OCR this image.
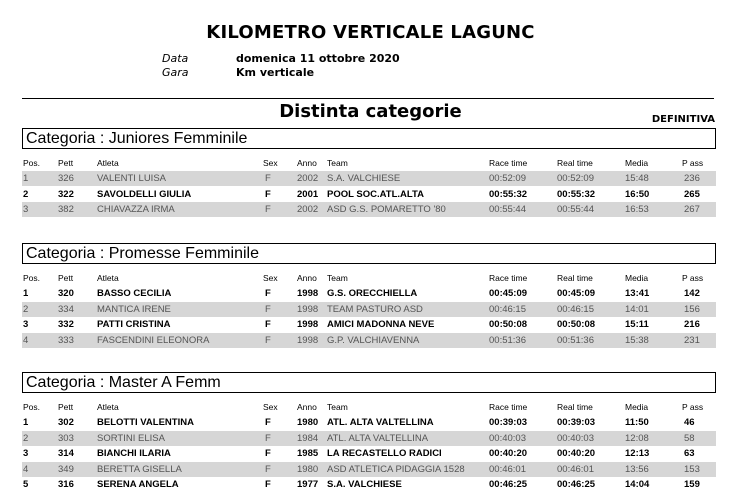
KILOMETRO VERTICALE LAGUNC
Data	domenica 11 ottobre 2020
Gara	Km verticale
Distinta categorie	DEFINITIVA
Categoria : Juniores Femminile
Pos.	Pett	Atleta	Sex Anno	Team	Race time	Real time	Media	P ass
1	326	VALENTI LUISA	F	2002 S.A. VALCHIESE	00:52:09	00:52:09	15:48	236
2	322	SAVOLDELLI GIULIA	F	2001 POOL SOC.ATL.ALTA	00:55:32	00:55:32	16:50	265
3	382	CHIAVAZZA IRMA	F	2002 ASD G.S. POMARETTO '80	00:55:44	00:55:44	16:53	267
Categoria : Promesse Femminile
Pos.	Pett	Atleta	Sex Anno	Team	Race time	Real time	Media	P ass
1	320	BASSO CECILIA	F	1998 G.S. ORECCHIELLA	00:45:09	00:45:09	13:41	142
2	334	MANTICA IRENE	F	1998 TEAM PASTURO ASD	00:46:15	00:46:15	14:01	156
3	332	PATTI CRISTINA	F	1998 AMICI MADONNA NEVE	00:50:08	00:50:08	15:11	216
4	333	FASCENDINI ELEONORA	F	1998 G.P. VALCHIAVENNA	00:51:36	00:51:36	15:38	231
Categoria : Master A Femm
Pos.	Pett	Atleta	Sex Anno	Team	Race time	Real time	Media	P ass
1	302	BELOTTI VALENTINA	F	1980 ATL. ALTA VALTELLINA	00:39:03	00:39:03	11:50	46
2	303	SORTINI ELISA	F	1984 ATL. ALTA VALTELLINA	00:40:03	00:40:03	12:08	58
3	314	BIANCHI ILARIA	F	1985 LA RECASTELLO RADICI	00:40:20	00:40:20	12:13	63
4	349	BERETTA GISELLA	F	1980 ASD ATLETICA PIDAGGIA 1528	00:46:01	00:46:01	13:56	153
5	316	SERENA ANGELA	F	1977 S.A. VALCHIESE	00:46:25	00:46:25	14:04	159
